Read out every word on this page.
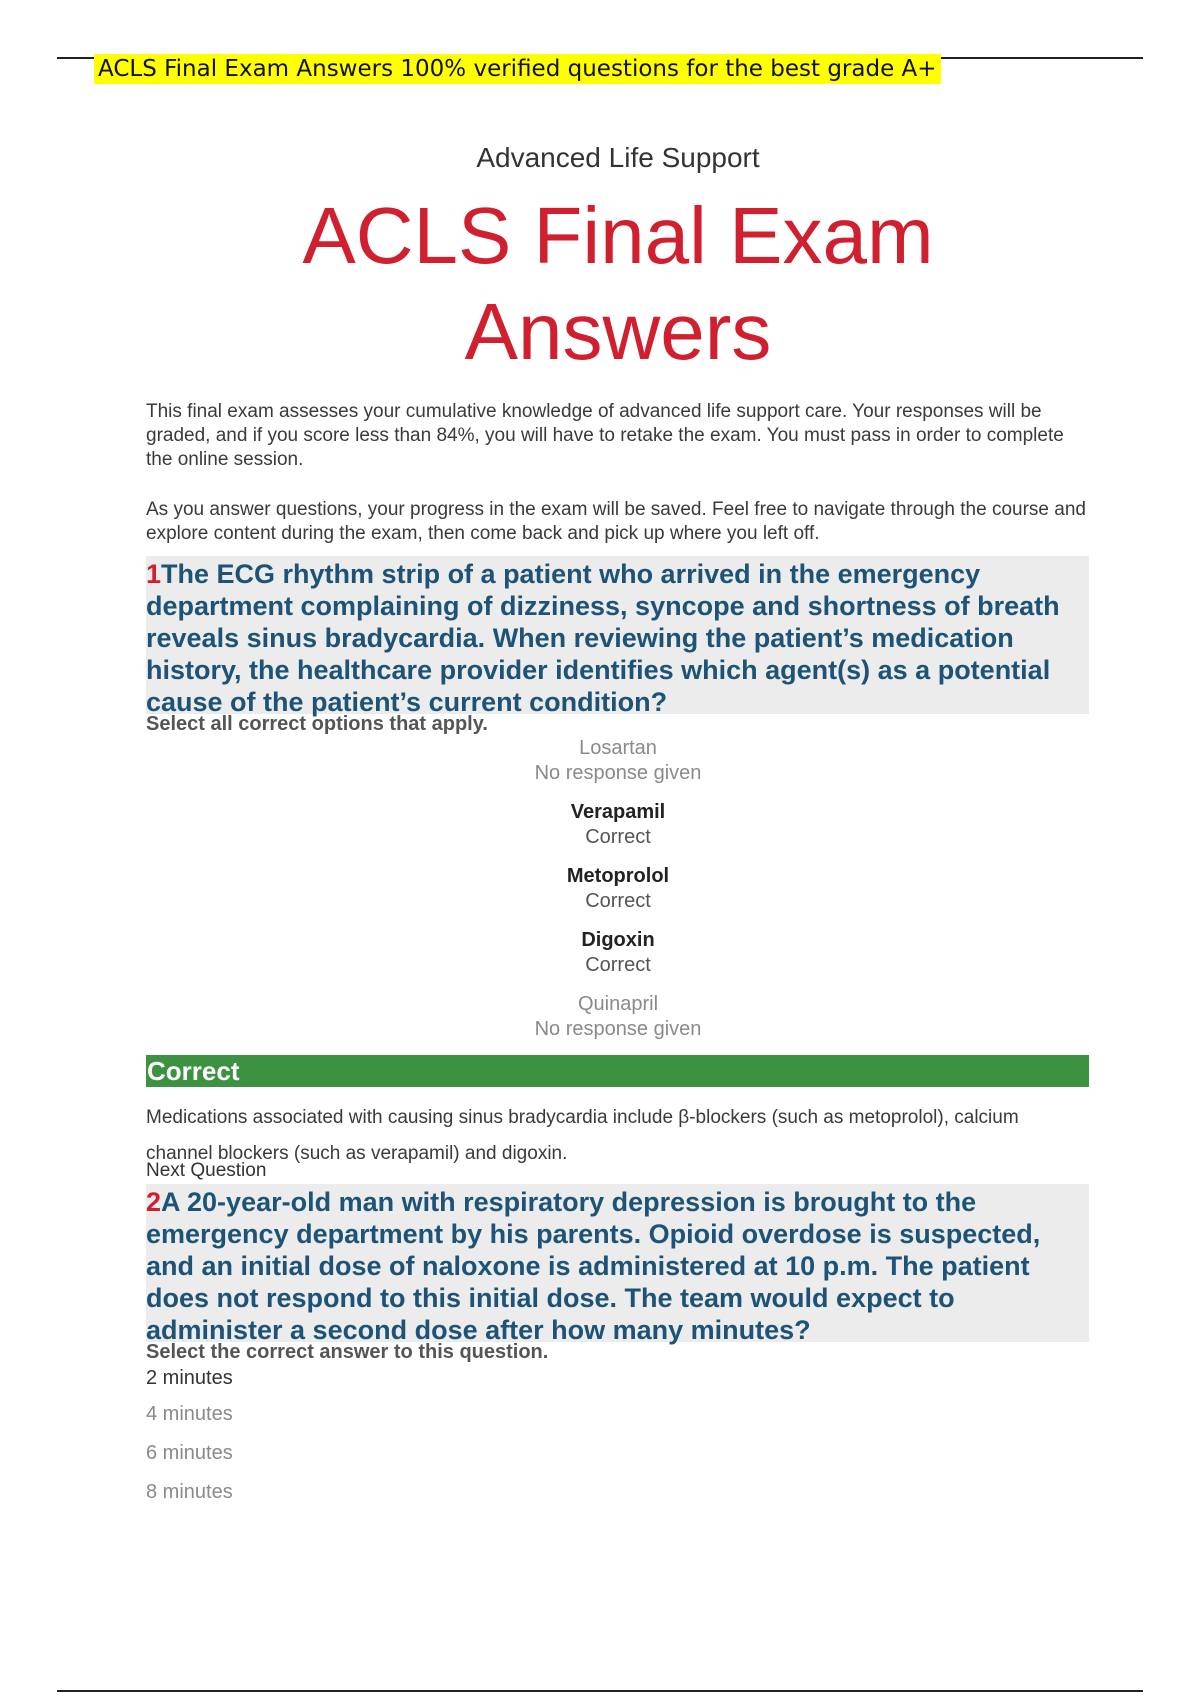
ACLS Final Exam Answers 100% verified questions for the best grade A+
Advanced Life Support
ACLS Final Exam
Answers

This final exam assesses your cumulative knowledge of advanced life support care. Your responses will be graded, and if you score less than 84%, you will have to retake the exam. You must pass in order to complete the online session.

As you answer questions, your progress in the exam will be saved. Feel free to navigate through the course and explore content during the exam, then come back and pick up where you left off.

1The ECG rhythm strip of a patient who arrived in the emergency department complaining of dizziness, syncope and shortness of breath reveals sinus bradycardia. When reviewing the patient’s medication history, the healthcare provider identifies which agent(s) as a potential cause of the patient’s current condition?
Select all correct options that apply.
Losartan
No response given
Verapamil
Correct
Metoprolol
Correct
Digoxin
Correct
Quinapril
No response given
Correct
Medications associated with causing sinus bradycardia include β-blockers (such as metoprolol), calcium channel blockers (such as verapamil) and digoxin.
Next Question
2A 20-year-old man with respiratory depression is brought to the emergency department by his parents. Opioid overdose is suspected, and an initial dose of naloxone is administered at 10 p.m. The patient does not respond to this initial dose. The team would expect to administer a second dose after how many minutes?
Select the correct answer to this question.
2 minutes
4 minutes
6 minutes
8 minutes
